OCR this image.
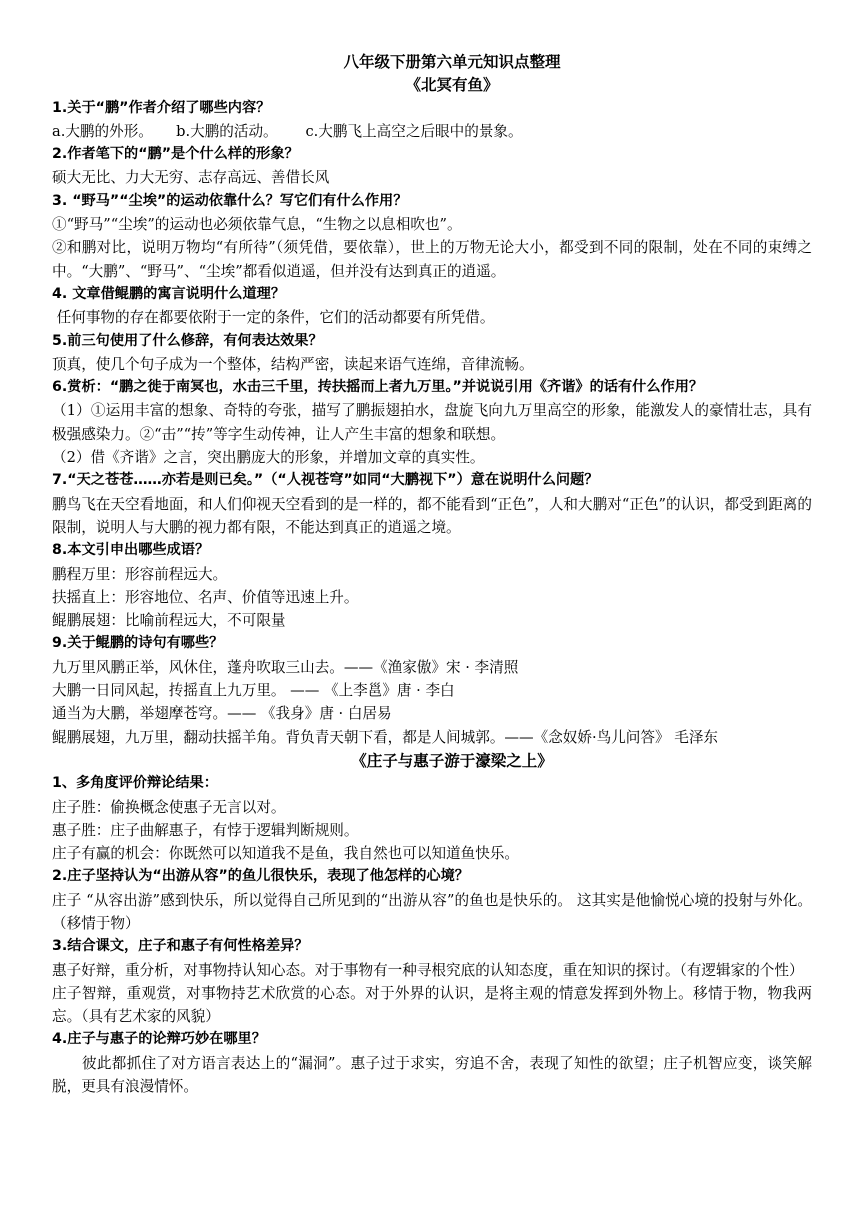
八年级下册第六单元知识点整理
《北冥有鱼》
1.关于“鹏”作者介绍了哪些内容？
a.大鹏的外形。     b.大鹏的活动。      c.大鹏飞上高空之后眼中的景象。
2.作者笔下的“鹏”是个什么样的形象？
硕大无比、力大无穷、志存高远、善借长风
3. “野马”“尘埃”的运动依靠什么？写它们有什么作用？
①“野马”“尘埃”的运动也必须依靠气息，“生物之以息相吹也”。
②和鹏对比，说明万物均“有所待”（须凭借，要依靠），世上的万物无论大小，都受到不同的限制，处在不同的束缚之中。“大鹏”、“野马”、“尘埃”都看似逍遥，但并没有达到真正的逍遥。
4. 文章借鲲鹏的寓言说明什么道理？
任何事物的存在都要依附于一定的条件，它们的活动都要有所凭借。
5.前三句使用了什么修辞，有何表达效果？
顶真，使几个句子成为一个整体，结构严密，读起来语气连绵，音律流畅。
6.赏析：“鹏之徙于南冥也，水击三千里，抟扶摇而上者九万里。”并说说引用《齐谐》的话有什么作用？
（1）①运用丰富的想象、奇特的夸张，描写了鹏振翅拍水，盘旋飞向九万里高空的形象，能激发人的豪情壮志，具有极强感染力。②“击”“抟”等字生动传神，让人产生丰富的想象和联想。
（2）借《齐谐》之言，突出鹏庞大的形象，并增加文章的真实性。
7.“天之苍苍……亦若是则已矣。”（“人视苍穹”如同“大鹏视下”）意在说明什么问题？
鹏鸟飞在天空看地面，和人们仰视天空看到的是一样的，都不能看到“正色”，人和大鹏对“正色”的认识，都受到距离的限制，说明人与大鹏的视力都有限，不能达到真正的逍遥之境。
8.本文引申出哪些成语？
鹏程万里：形容前程远大。
扶摇直上：形容地位、名声、价值等迅速上升。
鲲鹏展翅：比喻前程远大，不可限量
9.关于鲲鹏的诗句有哪些？
九万里风鹏正举，风休住，蓬舟吹取三山去。——《渔家傲》宋 · 李清照
大鹏一日同风起，抟摇直上九万里。 —— 《上李邕》唐 · 李白
通当为大鹏，举翅摩苍穹。—— 《我身》唐 · 白居易
鲲鹏展翅，九万里，翻动扶摇羊角。背负青天朝下看，都是人间城郭。——《念奴娇·鸟儿问答》 毛泽东
《庄子与惠子游于濠梁之上》
1、多角度评价辩论结果：
庄子胜：偷换概念使惠子无言以对。
惠子胜：庄子曲解惠子，有悖于逻辑判断规则。
庄子有赢的机会：你既然可以知道我不是鱼，我自然也可以知道鱼快乐。
2.庄子坚持认为“出游从容”的鱼儿很快乐，表现了他怎样的心境？
庄子 “从容出游”感到快乐，所以觉得自己所见到的“出游从容”的鱼也是快乐的。 这其实是他愉悦心境的投射与外化。（移情于物）
3.结合课文，庄子和惠子有何性格差异？
惠子好辩，重分析，对事物持认知心态。对于事物有一种寻根究底的认知态度，重在知识的探讨。（有逻辑家的个性）
庄子智辩，重观赏，对事物持艺术欣赏的心态。对于外界的认识，是将主观的情意发挥到外物上。移情于物，物我两忘。（具有艺术家的风貌）
4.庄子与惠子的论辩巧妙在哪里？
彼此都抓住了对方语言表达上的“漏洞”。惠子过于求实，穷追不舍，表现了知性的欲望；庄子机智应变，谈笑解脱，更具有浪漫情怀。
